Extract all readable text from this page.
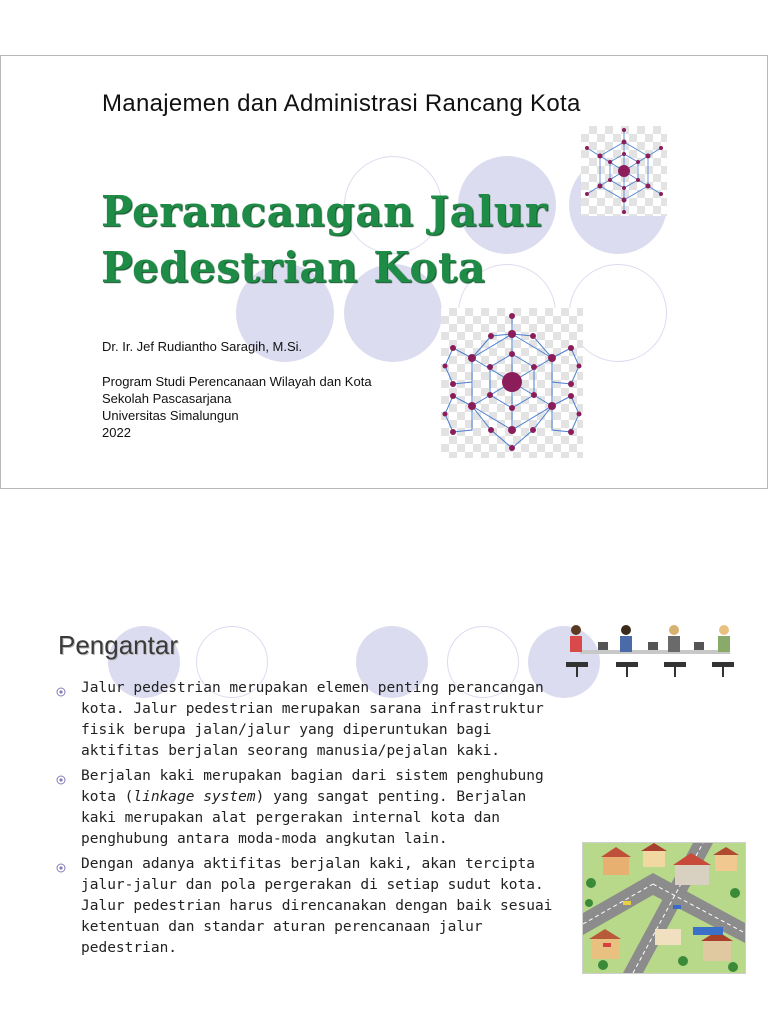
Manajemen dan Administrasi Rancang Kota
Perancangan Jalur
Pedestrian Kota
Dr. Ir. Jef Rudiantho Saragih, M.Si.
Program Studi Perencanaan Wilayah dan Kota
Sekolah Pascasarjana
Universitas Simalungun
2022
Pengantar
Jalur pedestrian merupakan elemen penting perancangan kota. Jalur pedestrian merupakan sarana infrastruktur fisik berupa jalan/jalur yang diperuntukan bagi aktifitas berjalan seorang manusia/pejalan kaki.
Berjalan kaki merupakan bagian dari sistem penghubung kota (linkage system) yang sangat penting. Berjalan kaki merupakan alat pergerakan internal kota dan penghubung antara moda-moda angkutan lain.
Dengan adanya aktifitas berjalan kaki, akan tercipta jalur-jalur dan pola pergerakan di setiap sudut kota. Jalur pedestrian harus direncanakan dengan baik sesuai ketentuan dan standar aturan perencanaan jalur pedestrian.
